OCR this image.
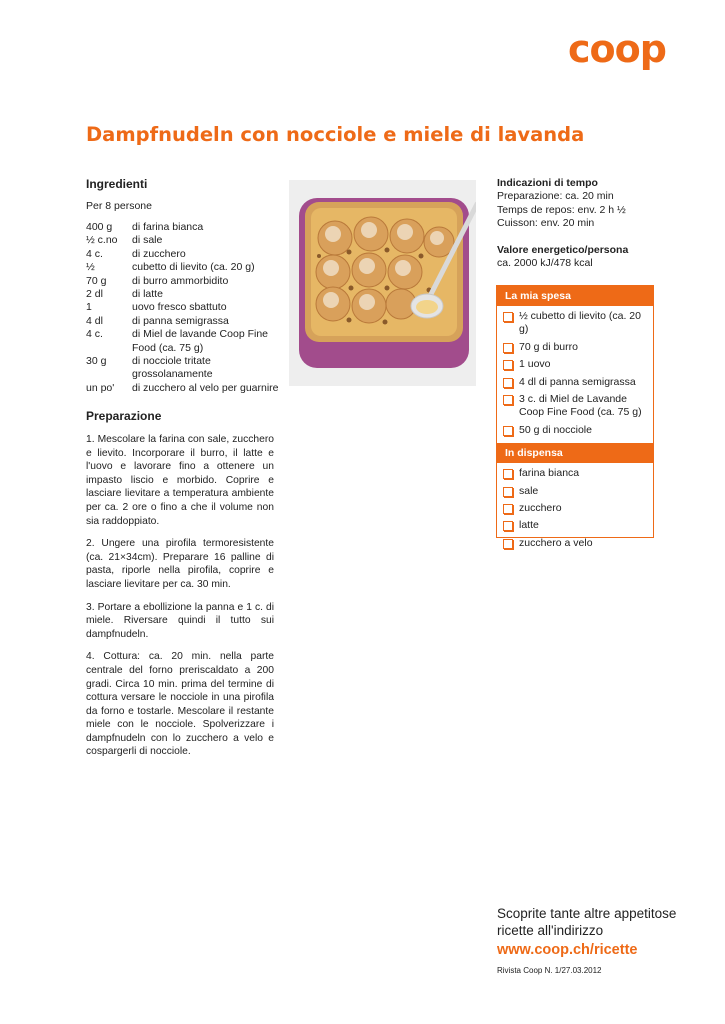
coop
Dampfnudeln con nocciole e miele di lavanda
Ingredienti
Per 8 persone
400 g	di farina bianca
½ c.no	di sale
4 c.	di zucchero
½	cubetto di lievito (ca. 20 g)
70 g	di burro ammorbidito
2 dl	di latte
1	uovo fresco sbattuto
4 dl	di panna semigrassa
4 c.	di Miel de lavande Coop Fine Food (ca. 75 g)
30 g	di nocciole tritate grossolanamente
un po'	di zucchero al velo per guarnire
Preparazione

1. Mescolare la farina con sale, zucchero e lievito. Incorporare il burro, il latte e l'uovo e lavorare fino a ottenere un impasto liscio e morbido. Coprire e lasciare lievitare a temperatura ambiente per ca. 2 ore o fino a che il volume non sia raddoppiato.

2. Ungere una pirofila termoresistente (ca. 21×34cm). Preparare 16 palline di pasta, riporle nella pirofila, coprire e lasciare lievitare per ca. 30 min.

3. Portare a ebollizione la panna e 1 c. di miele. Riversare quindi il tutto sui dampfnudeln.

4. Cottura: ca. 20 min. nella parte centrale del forno preriscaldato a 200 gradi. Circa 10 min. prima del termine di cottura versare le nocciole in una pirofila da forno e tostarle. Mescolare il restante miele con le nocciole. Spolverizzare i dampfnudeln con lo zucchero a velo e cospargerli di nocciole.

Indicazioni di tempo
Preparazione: ca. 20 min
Temps de repos: env. 2 h ½
Cuisson: env. 20 min
Valore energetico/persona
ca. 2000 kJ/478 kcal
La mia spesa
½ cubetto di lievito (ca. 20 g)
70 g di burro
1 uovo
4 dl di panna semigrassa
3 c. di Miel de Lavande Coop Fine Food (ca. 75 g)
50 g di nocciole
In dispensa
farina bianca
sale
zucchero
latte
zucchero a velo
Scoprite tante altre appetitose ricette all'indirizzo
www.coop.ch/ricette
Rivista Coop N. 1/27.03.2012
